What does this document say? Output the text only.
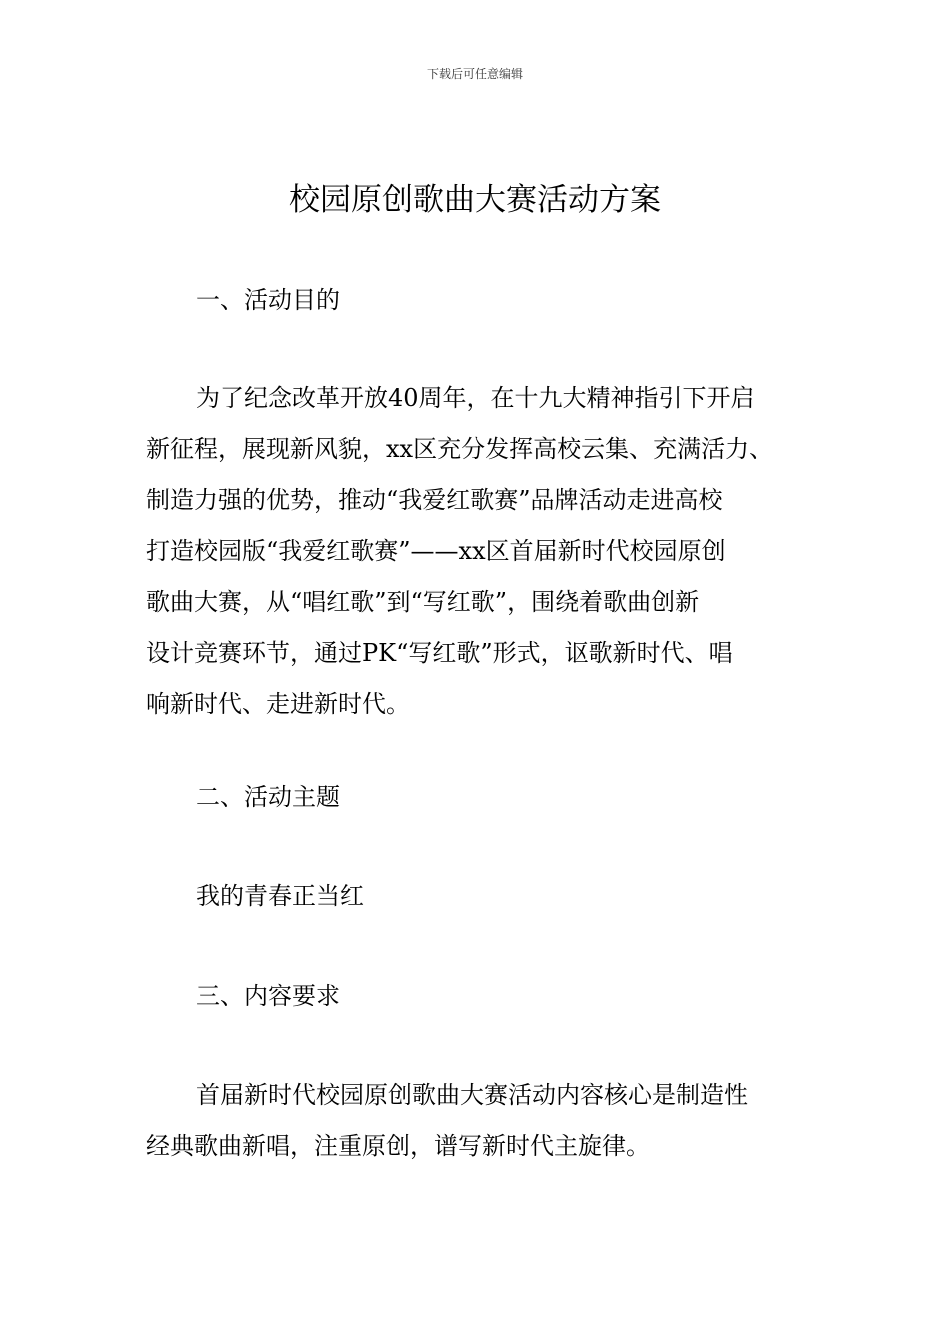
下载后可任意编辑
校园原创歌曲大赛活动方案
一、活动目的
为了纪念改革开放40周年，在十九大精神指引下开启
新征程，展现新风貌，xx区充分发挥高校云集、充满活力、
制造力强的优势，推动“我爱红歌赛”品牌活动走进高校
打造校园版“我爱红歌赛”——xx区首届新时代校园原创
歌曲大赛，从“唱红歌”到“写红歌”，围绕着歌曲创新
设计竞赛环节，通过PK“写红歌”形式，讴歌新时代、唱
响新时代、走进新时代。
二、活动主题
我的青春正当红
三、内容要求
首届新时代校园原创歌曲大赛活动内容核心是制造性
经典歌曲新唱，注重原创，谱写新时代主旋律。
